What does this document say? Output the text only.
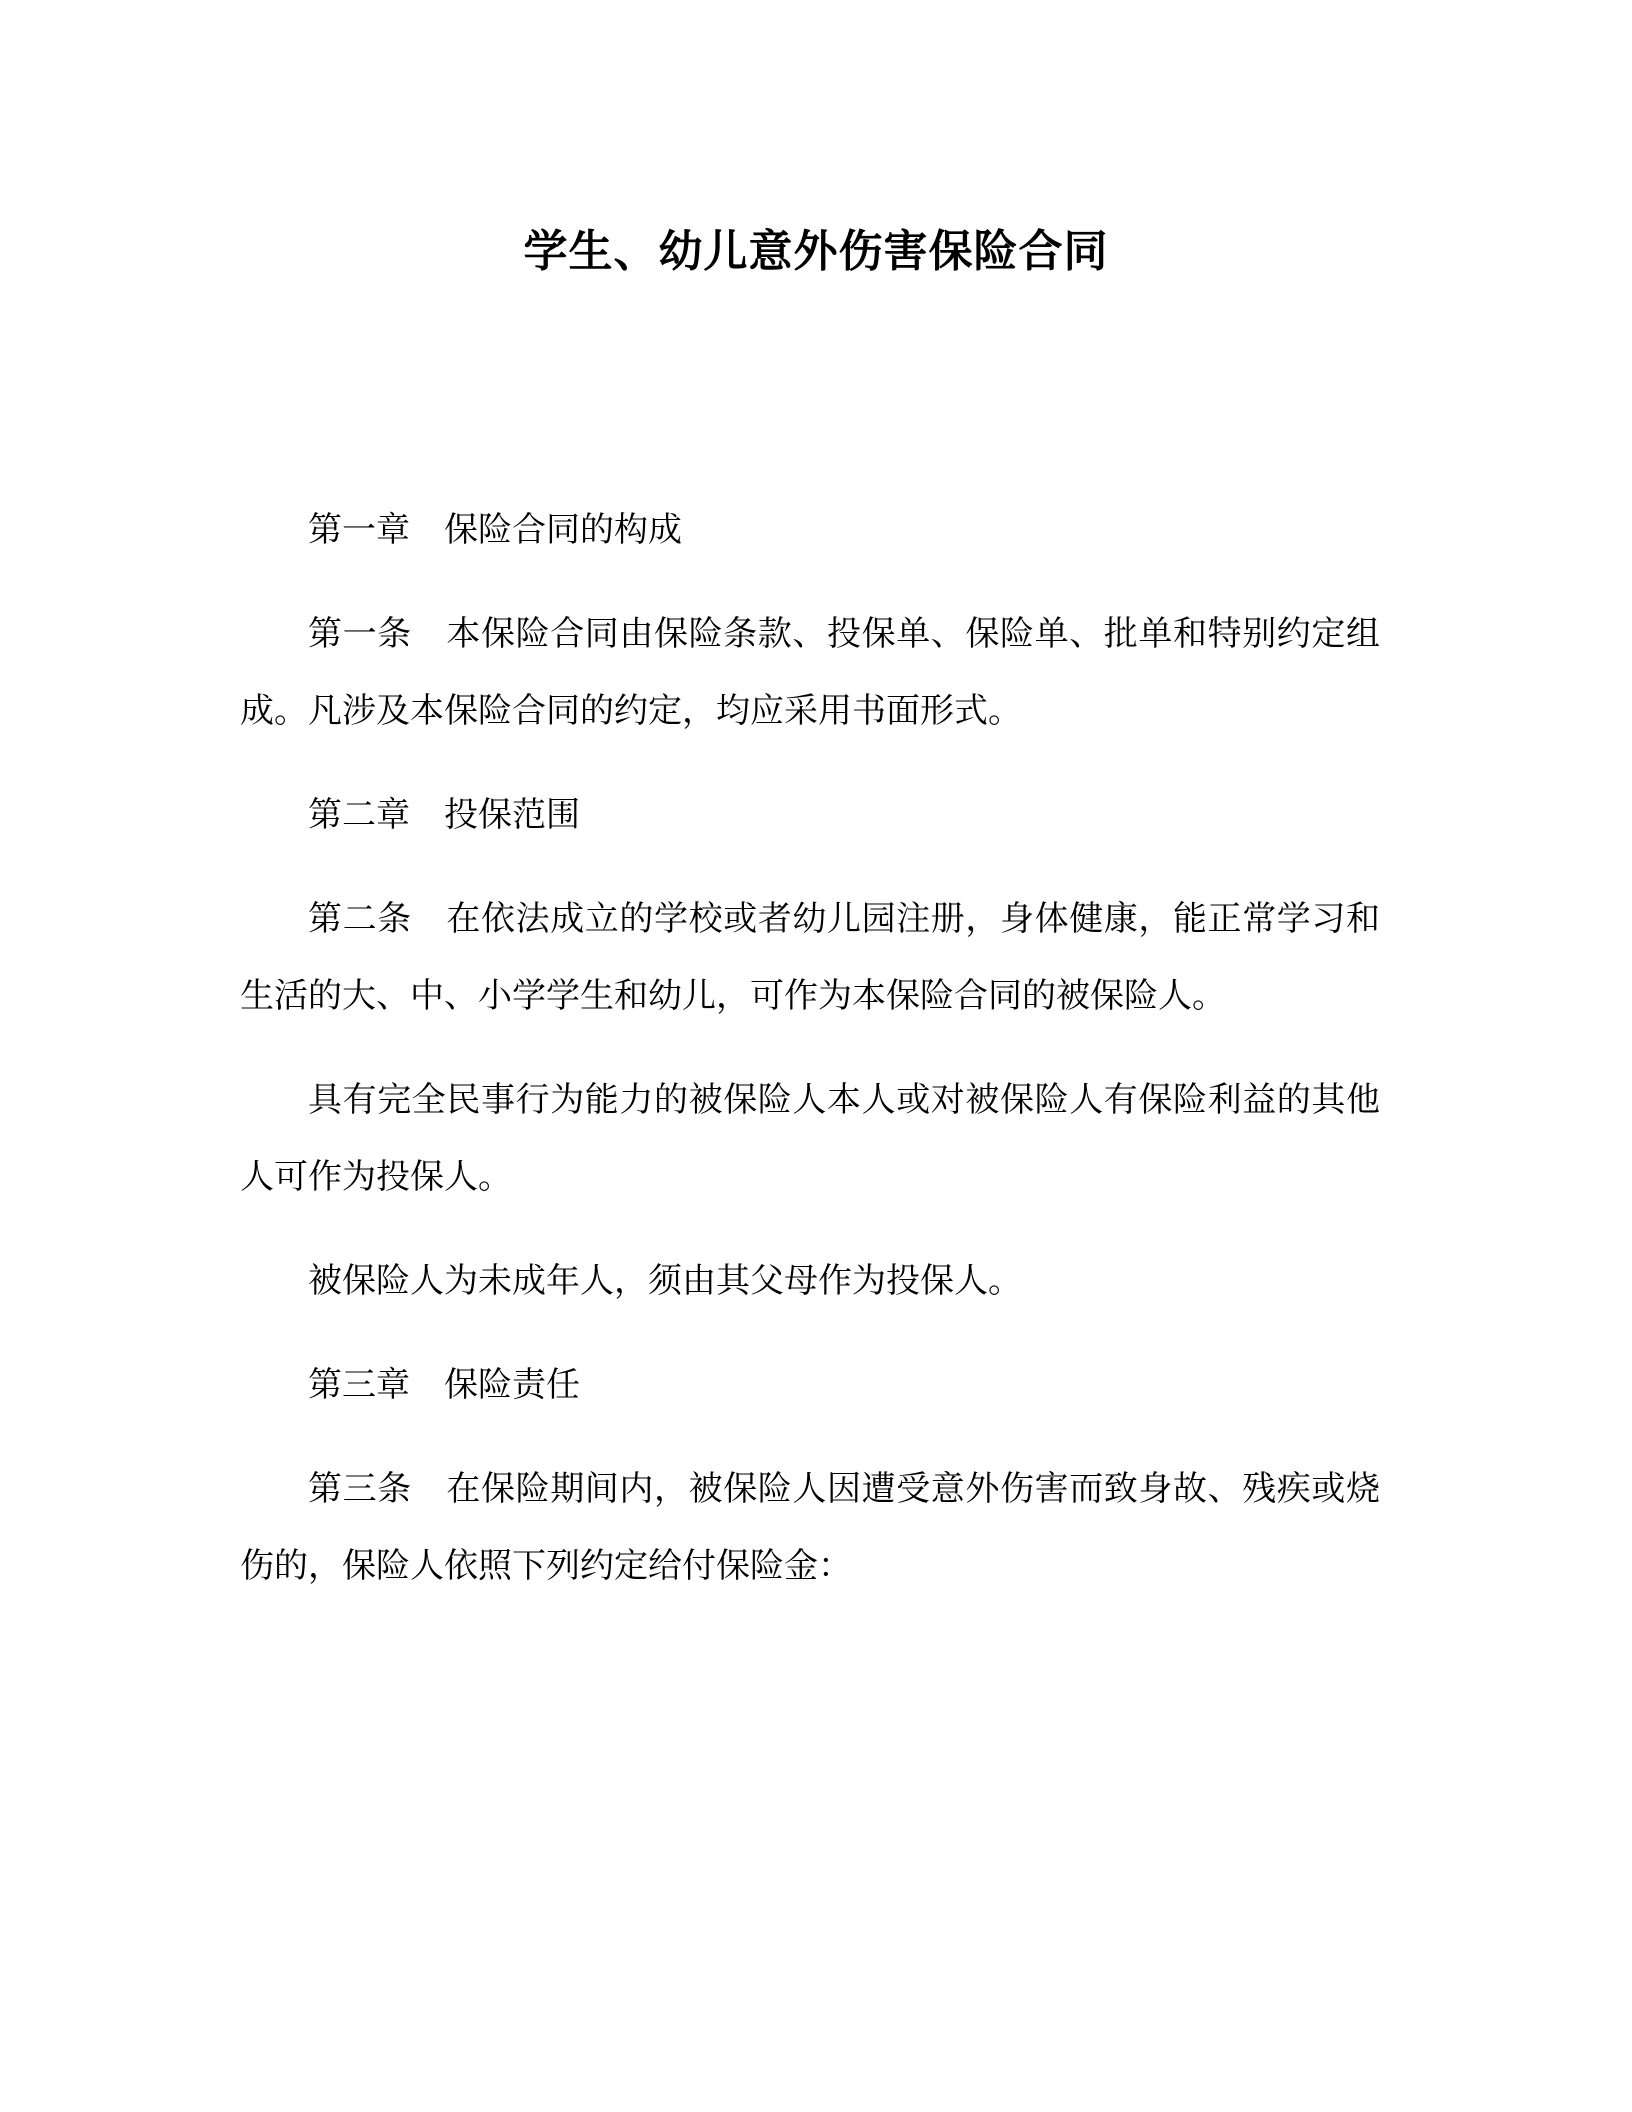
学生、幼儿意外伤害保险合同

第一章 保险合同的构成

第一条 本保险合同由保险条款、投保单、保险单、批单和特别约定组成。凡涉及本保险合同的约定，均应采用书面形式。

第二章 投保范围

第二条 在依法成立的学校或者幼儿园注册，身体健康，能正常学习和生活的大、中、小学学生和幼儿，可作为本保险合同的被保险人。

具有完全民事行为能力的被保险人本人或对被保险人有保险利益的其他人可作为投保人。

被保险人为未成年人，须由其父母作为投保人。

第三章 保险责任

第三条 在保险期间内，被保险人因遭受意外伤害而致身故、残疾或烧伤的，保险人依照下列约定给付保险金：
